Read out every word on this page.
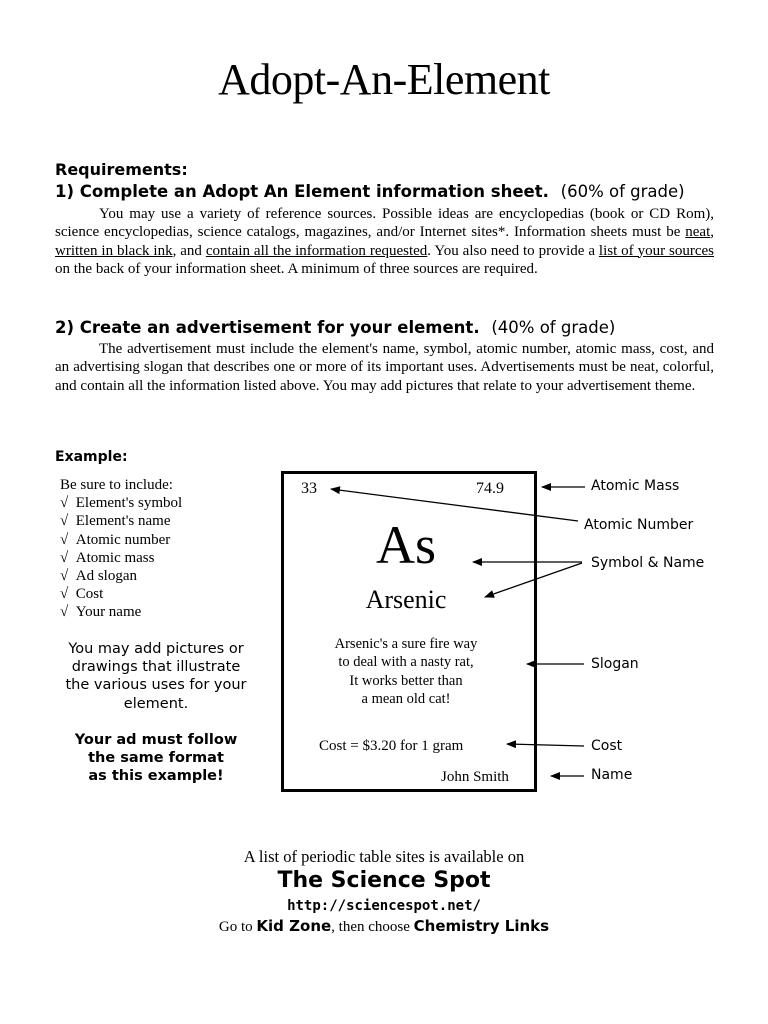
Adopt-An-Element
Requirements:
1) Complete an Adopt An Element information sheet. (60% of grade)
You may use a variety of reference sources. Possible ideas are encyclopedias (book or CD Rom), science encyclopedias, science catalogs, magazines, and/or Internet sites*. Information sheets must be neat, written in black ink, and contain all the information requested. You also need to provide a list of your sources on the back of your information sheet. A minimum of three sources are required.
2) Create an advertisement for your element. (40% of grade)
The advertisement must include the element's name, symbol, atomic number, atomic mass, cost, and an advertising slogan that describes one or more of its important uses. Advertisements must be neat, colorful, and contain all the information listed above. You may add pictures that relate to your advertisement theme.
Example:
Be sure to include:
√ Element's symbol
√ Element's name
√ Atomic number
√ Atomic mass
√ Ad slogan
√ Cost
√ Your name
You may add pictures or
drawings that illustrate
the various uses for your
element.
Your ad must follow
the same format
as this example!
33	74.9
As
Arsenic
Arsenic's a sure fire way
to deal with a nasty rat,
It works better than
a mean old cat!
Cost = $3.20 for 1 gram
John Smith
Atomic Mass
Atomic Number
Symbol & Name
Slogan
Cost
Name
A list of periodic table sites is available on
The Science Spot
http://sciencespot.net/
Go to Kid Zone, then choose Chemistry Links
